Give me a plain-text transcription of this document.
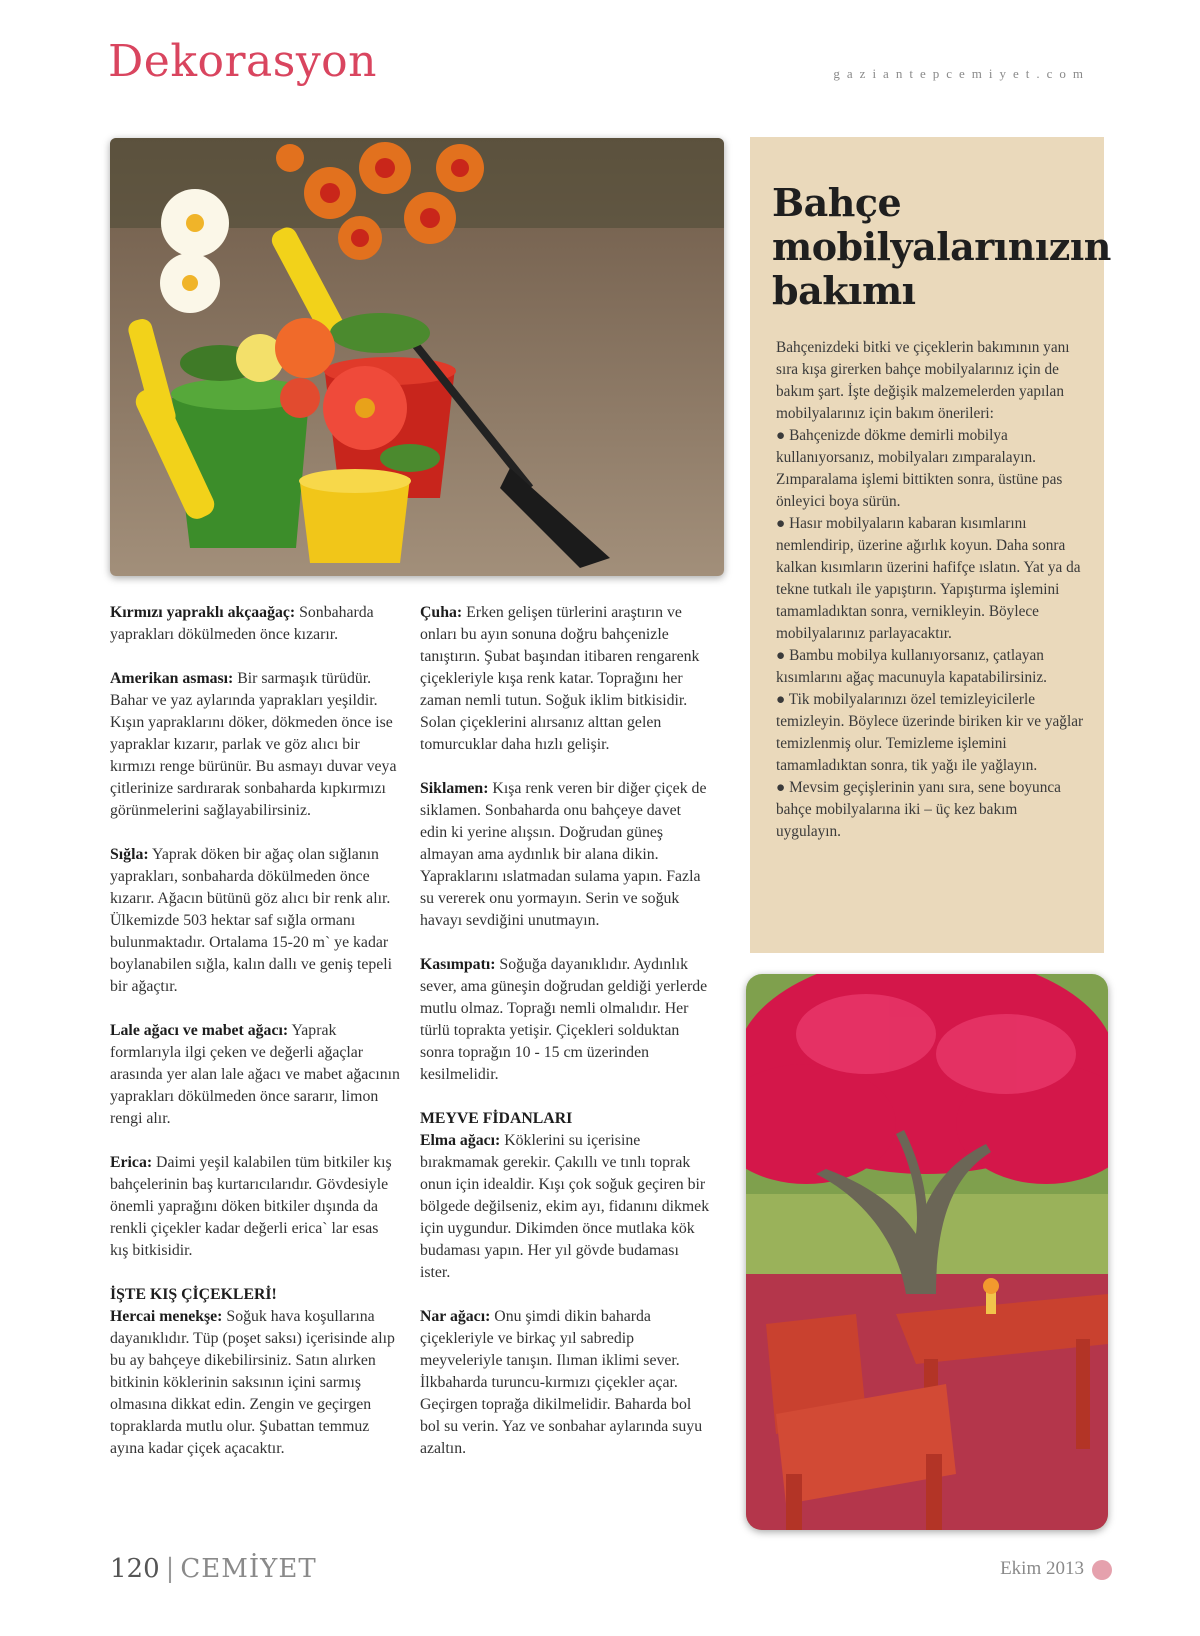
Dekorasyon	gaziantepcemiyet.com
Bahçe mobilyalarınızın bakımı

Bahçenizdeki bitki ve çiçeklerin bakımının yanı sıra kışa girerken bahçe mobilyalarınız için de bakım şart. İşte değişik malzemelerden yapılan mobilyalarınız için bakım önerileri:

● Bahçenizde dökme demirli mobilya kullanıyorsanız, mobilyaları zımparalayın. Zımparalama işlemi bittikten sonra, üstüne pas önleyici boya sürün.

● Hasır mobilyaların kabaran kısımlarını nemlendirip, üzerine ağırlık koyun. Daha sonra kalkan kısımların üzerini hafifçe ıslatın. Yat ya da tekne tutkalı ile yapıştırın. Yapıştırma işlemini tamamladıktan sonra, vernikleyin. Böylece mobilyalarınız parlayacaktır.

● Bambu mobilya kullanıyorsanız, çatlayan kısımlarını ağaç macunuyla kapatabilirsiniz.

● Tik mobilyalarınızı özel temizleyicilerle temizleyin. Böylece üzerinde biriken kir ve yağlar temizlenmiş olur. Temizleme işlemini tamamladıktan sonra, tik yağı ile yağlayın.

● Mevsim geçişlerinin yanı sıra, sene boyunca bahçe mobilyalarına iki – üç kez bakım uygulayın.

Kırmızı yapraklı akçaağaç: Sonbaharda yaprakları dökülmeden önce kızarır.

Amerikan asması: Bir sarmaşık türüdür. Bahar ve yaz aylarında yaprakları yeşildir. Kışın yapraklarını döker, dökmeden önce ise yapraklar kızarır, parlak ve göz alıcı bir kırmızı renge bürünür. Bu asmayı duvar veya çitlerinize sardırarak sonbaharda kıpkırmızı görünmelerini sağlayabilirsiniz.

Sığla: Yaprak döken bir ağaç olan sığlanın yaprakları, sonbaharda dökülmeden önce kızarır. Ağacın bütünü göz alıcı bir renk alır. Ülkemizde 503 hektar saf sığla ormanı bulunmaktadır. Ortalama 15-20 m` ye kadar boylanabilen sığla, kalın dallı ve geniş tepeli bir ağaçtır.

Lale ağacı ve mabet ağacı: Yaprak formlarıyla ilgi çeken ve değerli ağaçlar arasında yer alan lale ağacı ve mabet ağacının yaprakları dökülmeden önce sararır, limon rengi alır.

Erica: Daimi yeşil kalabilen tüm bitkiler kış bahçelerinin baş kurtarıcılarıdır. Gövdesiyle önemli yaprağını döken bitkiler dışında da renkli çiçekler kadar değerli erica` lar esas kış bitkisidir.

İŞTE KIŞ ÇİÇEKLERİ!

Hercai menekşe: Soğuk hava koşullarına dayanıklıdır. Tüp (poşet saksı) içerisinde alıp bu ay bahçeye dikebilirsiniz. Satın alırken bitkinin köklerinin saksının içini sarmış olmasına dikkat edin. Zengin ve geçirgen topraklarda mutlu olur. Şubattan temmuz ayına kadar çiçek açacaktır.

Çuha: Erken gelişen türlerini araştırın ve onları bu ayın sonuna doğru bahçenizle tanıştırın. Şubat başından itibaren rengarenk çiçekleriyle kışa renk katar. Toprağını her zaman nemli tutun. Soğuk iklim bitkisidir. Solan çiçeklerini alırsanız alttan gelen tomurcuklar daha hızlı gelişir.

Siklamen: Kışa renk veren bir diğer çiçek de siklamen. Sonbaharda onu bahçeye davet edin ki yerine alışsın. Doğrudan güneş almayan ama aydınlık bir alana dikin. Yapraklarını ıslatmadan sulama yapın. Fazla su vererek onu yormayın. Serin ve soğuk havayı sevdiğini unutmayın.

Kasımpatı: Soğuğa dayanıklıdır. Aydınlık sever, ama güneşin doğrudan geldiği yerlerde mutlu olmaz. Toprağı nemli olmalıdır. Her türlü toprakta yetişir. Çiçekleri solduktan sonra toprağın 10 - 15 cm üzerinden kesilmelidir.

MEYVE FİDANLARI

Elma ağacı: Köklerini su içerisine bırakmamak gerekir. Çakıllı ve tınlı toprak onun için idealdir. Kışı çok soğuk geçiren bir bölgede değilseniz, ekim ayı, fidanını dikmek için uygundur. Dikimden önce mutlaka kök budaması yapın. Her yıl gövde budaması ister.

Nar ağacı: Onu şimdi dikin baharda çiçekleriyle ve birkaç yıl sabredip meyveleriyle tanışın. Ilıman iklimi sever. İlkbaharda turuncu-kırmızı çiçekler açar. Geçirgen toprağa dikilmelidir. Baharda bol bol su verin. Yaz ve sonbahar aylarında suyu azaltın.

120 | CEMİYET	Ekim 2013
